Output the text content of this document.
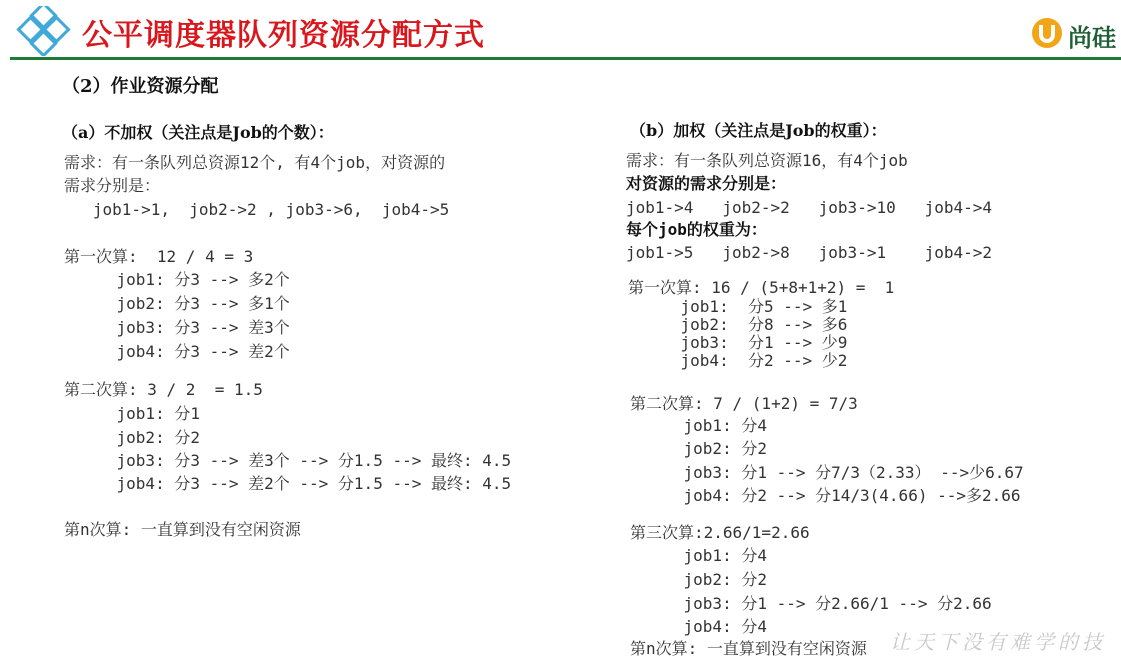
公平调度器队列资源分配方式

	尚硅

（2）作业资源分配
（a）不加权（关注点是Job的个数）：
需求：有一条队列总资源12个, 有4个job，对资源的
需求分别是：
job1->1,  job2->2 , job3->6,  job4->5
第一次算:  12 / 4 = 3
job1: 分3 --> 多2个
job2: 分3 --> 多1个
job3: 分3 --> 差3个
job4: 分3 --> 差2个
第二次算: 3 / 2  = 1.5
job1: 分1
job2: 分2
job3: 分3 --> 差3个 --> 分1.5 --> 最终: 4.5
job4: 分3 --> 差2个 --> 分1.5 --> 最终: 4.5
第n次算: 一直算到没有空闲资源
（b）加权（关注点是Job的权重）：
需求：有一条队列总资源16，有4个job
对资源的需求分别是：
job1->4   job2->2   job3->10   job4->4
每个job的权重为：
job1->5   job2->8   job3->1    job4->2
第一次算: 16 / (5+8+1+2) =  1
job1:  分5 --> 多1
job2:  分8 --> 多6
job3:  分1 --> 少9
job4:  分2 --> 少2
第二次算: 7 / (1+2) = 7/3
job1: 分4
job2: 分2
job3: 分1 --> 分7/3（2.33） -->少6.67
job4: 分2 --> 分14/3(4.66) -->多2.66
第三次算:2.66/1=2.66
job1: 分4
job2: 分2
job3: 分1 --> 分2.66/1 --> 分2.66
job4: 分4
第n次算: 一直算到没有空闲资源 让天下没有难学的技
